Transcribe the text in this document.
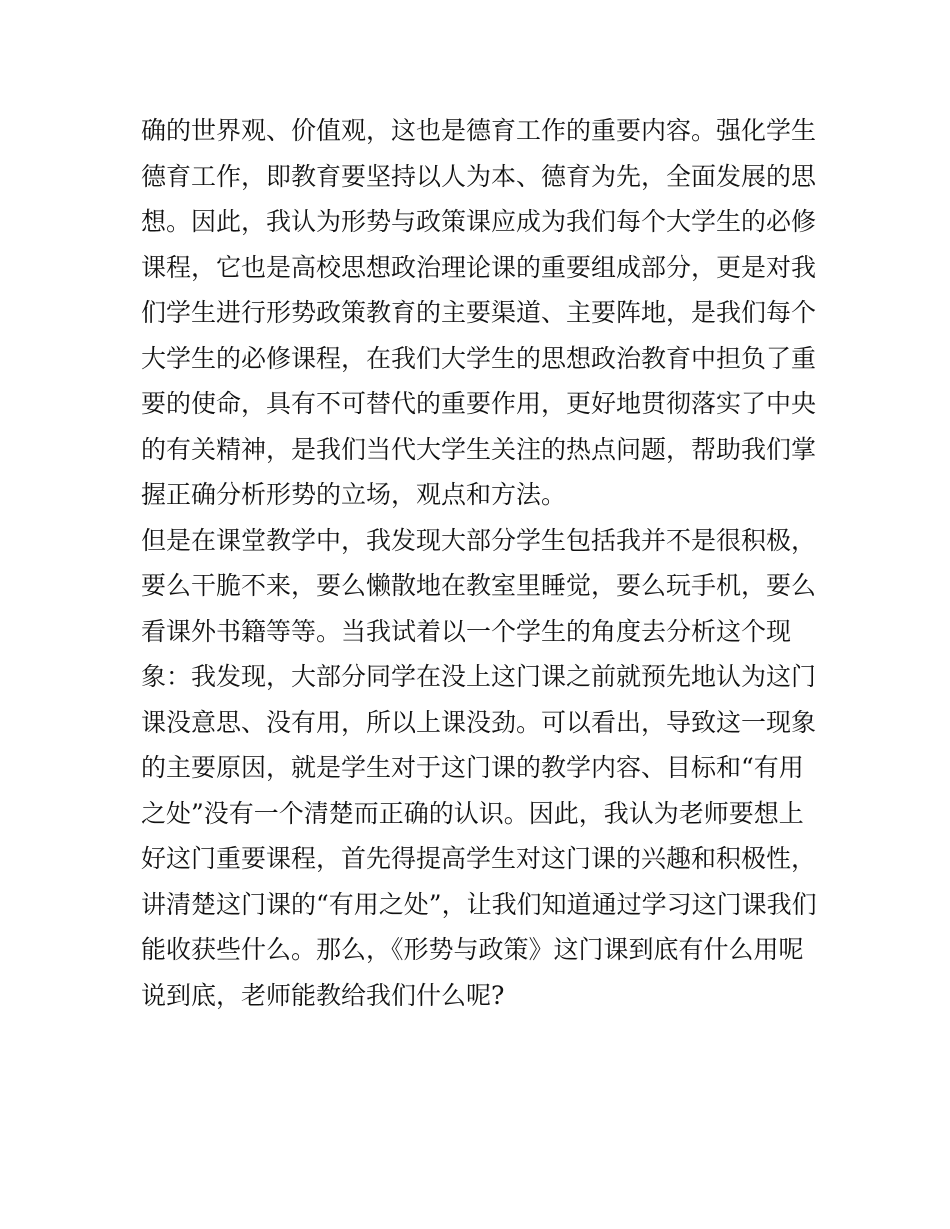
确的世界观、价值观，这也是德育工作的重要内容。强化学生
德育工作，即教育要坚持以人为本、德育为先，全面发展的思
想。因此，我认为形势与政策课应成为我们每个大学生的必修
课程，它也是高校思想政治理论课的重要组成部分，更是对我
们学生进行形势政策教育的主要渠道、主要阵地，是我们每个
大学生的必修课程，在我们大学生的思想政治教育中担负了重
要的使命，具有不可替代的重要作用，更好地贯彻落实了中央
的有关精神，是我们当代大学生关注的热点问题，帮助我们掌
握正确分析形势的立场，观点和方法。
但是在课堂教学中，我发现大部分学生包括我并不是很积极，
要么干脆不来，要么懒散地在教室里睡觉，要么玩手机，要么
看课外书籍等等。当我试着以一个学生的角度去分析这个现
象：我发现，大部分同学在没上这门课之前就预先地认为这门
课没意思、没有用，所以上课没劲。可以看出，导致这一现象
的主要原因，就是学生对于这门课的教学内容、目标和“有用
之处”没有一个清楚而正确的认识。因此，我认为老师要想上
好这门重要课程，首先得提高学生对这门课的兴趣和积极性，
讲清楚这门课的“有用之处”，让我们知道通过学习这门课我们
能收获些什么。那么，《形势与政策》这门课到底有什么用呢
说到底，老师能教给我们什么呢?
